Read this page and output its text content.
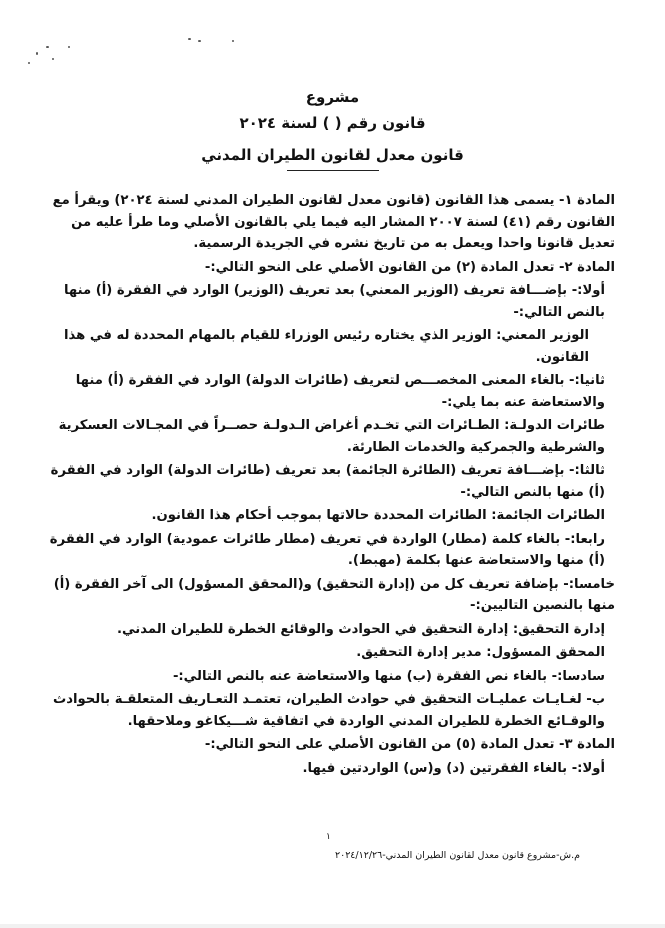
مشروع
قانون رقم ( ) لسنة ٢٠٢٤
قانون معدل لقانون الطيران المدني

المادة ١- يسمى هذا القانون (قانون معدل لقانون الطيران المدني لسنة ٢٠٢٤) ويقرأ مع القانون رقم (٤١) لسنة ٢٠٠٧ المشار اليه فيما يلي بالقانون الأصلي وما طرأ عليه من تعديل قانونا واحدا ويعمل به من تاريخ نشره في الجريدة الرسمية.

المادة ٢- تعدل المادة (٢) من القانون الأصلي على النحو التالي:-

أولا:- بإضـــافة تعريف (الوزير المعني) بعد تعريف (الوزير) الوارد في الفقرة (أ) منها بالنص التالي:-

الوزير المعني: الوزير الذي يختاره رئيس الوزراء للقيام بالمهام المحددة له في هذا القانون.

ثانيا:- بالغاء المعنى المخصـــص لتعريف (طائرات الدولة) الوارد في الفقرة (أ) منها والاستعاضة عنه بما يلي:-

طائرات الدولـة: الطـائرات التي تخـدم أغراض الـدولـة حصــراً في المجـالات العسكرية والشرطية والجمركية والخدمات الطارئة.

ثالثا:- بإضـــافة تعريف (الطائرة الجائمة) بعد تعريف (طائرات الدولة) الوارد في الفقرة (أ) منها بالنص التالي:-

الطائرات الجائمة: الطائرات المحددة حالاتها بموجب أحكام هذا القانون.

رابعا:- بالغاء كلمة (مطار) الواردة في تعريف (مطار طائرات عمودية) الوارد في الفقرة (أ) منها والاستعاضة عنها بكلمة (مهبط).

خامسا:- بإضافة تعريف كل من (إدارة التحقيق) و(المحقق المسؤول) الى آخر الفقرة (أ) منها بالنصين التاليين:-

إدارة التحقيق: إدارة التحقيق في الحوادث والوقائع الخطرة للطيران المدني.

المحقق المسؤول: مدير إدارة التحقيق.

سادسا:- بالغاء نص الفقرة (ب) منها والاستعاضة عنه بالنص التالي:-

ب- لغـايـات عمليـات التحقيق في حوادث الطيران، تعتمـد التعـاريف المتعلقـة بالحوادث والوقـائع الخطرة للطيران المدني الواردة في اتفاقية شـــيكاغو وملاحقها.

المادة ٣- تعدل المادة (٥) من القانون الأصلي على النحو التالي:-

أولا:- بالغاء الفقرتين (د) و(س) الواردتين فيها.

١
م.ش-مشروع قانون معدل لقانون الطيران المدني-٢٠٢٤/١٢/٢٦
